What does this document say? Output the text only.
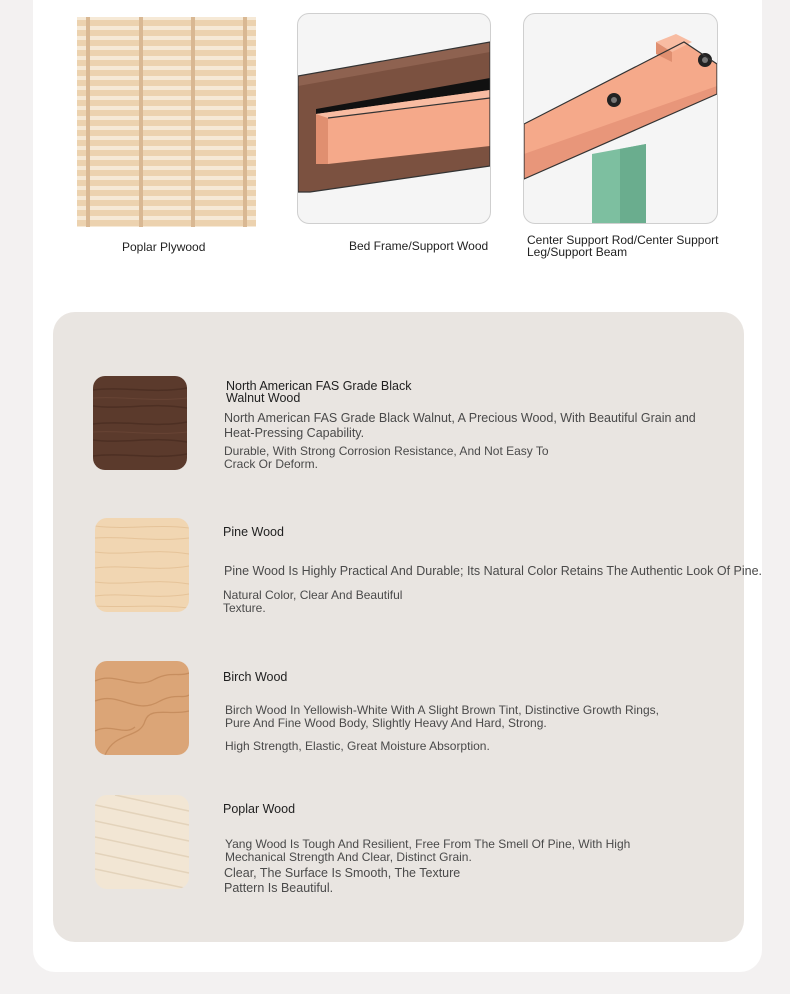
Poplar Plywood	Bed Frame/Support Wood	Center Support Rod/Center Support
Leg/Support Beam
North American FAS Grade Black
Walnut Wood
North American FAS Grade Black Walnut, A Precious Wood, With Beautiful Grain and
Heat-Pressing Capability.
Durable, With Strong Corrosion Resistance, And Not Easy To
Crack Or Deform.
Pine Wood
Pine Wood Is Highly Practical And Durable; Its Natural Color Retains The Authentic Look Of Pine.
Natural Color, Clear And Beautiful
Texture.
Birch Wood
Birch Wood In Yellowish-White With A Slight Brown Tint, Distinctive Growth Rings,
Pure And Fine Wood Body, Slightly Heavy And Hard, Strong.
High Strength, Elastic, Great Moisture Absorption.
Poplar Wood
Yang Wood Is Tough And Resilient, Free From The Smell Of Pine, With High
Mechanical Strength And Clear, Distinct Grain.
Clear, The Surface Is Smooth, The Texture
Pattern Is Beautiful.
